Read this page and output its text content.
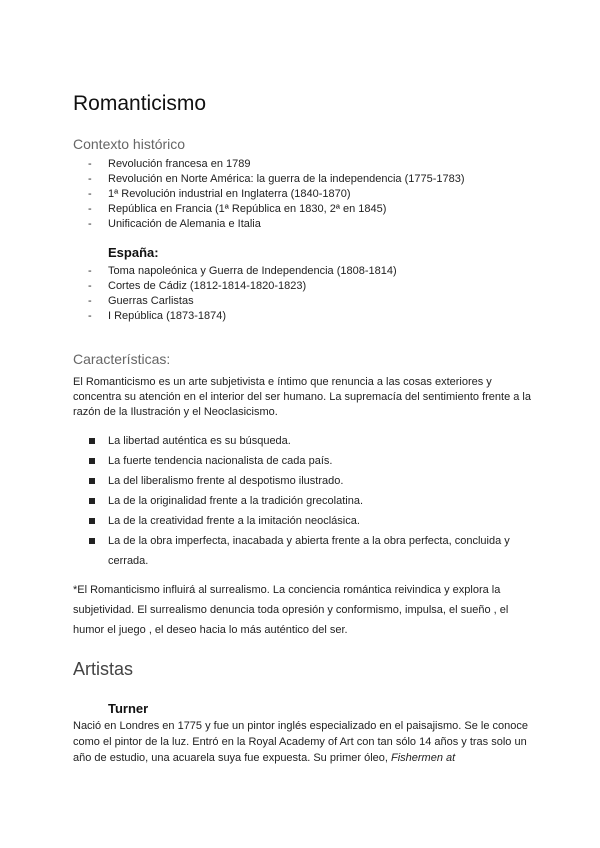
Romanticismo
Contexto histórico
- Revolución francesa en 1789
- Revolución en Norte América: la guerra de la independencia (1775-1783)
- 1ª Revolución industrial en Inglaterra (1840-1870)
- República en Francia (1ª República en 1830, 2ª en 1845)
- Unificación de Alemania e Italia
España:
- Toma napoleónica y Guerra de Independencia (1808-1814)
- Cortes de Cádiz (1812-1814-1820-1823)
- Guerras Carlistas
- I República (1873-1874)
Características:

El Romanticismo es un arte subjetivista e íntimo que renuncia a las cosas exteriores y concentra su atención en el interior del ser humano. La supremacía del sentimiento frente a la razón de la Ilustración y el Neoclasicismo.

La libertad auténtica es su búsqueda.
La fuerte tendencia nacionalista de cada país.
La del liberalismo frente al despotismo ilustrado.
La de la originalidad frente a la tradición grecolatina.
La de la creatividad frente a la imitación neoclásica.
La de la obra imperfecta, inacabada y abierta frente a la obra perfecta, concluida y cerrada.

*El Romanticismo influirá al surrealismo. La conciencia romántica reivindica y explora la subjetividad. El surrealismo denuncia toda opresión y conformismo, impulsa, el sueño , el humor el juego , el deseo hacia lo más auténtico del ser.

Artistas
Turner

Nació en Londres en 1775 y fue un pintor inglés especializado en el paisajismo. Se le conoce como el pintor de la luz. Entró en la Royal Academy of Art con tan sólo 14 años y tras solo un año de estudio, una acuarela suya fue expuesta. Su primer óleo, Fishermen at
